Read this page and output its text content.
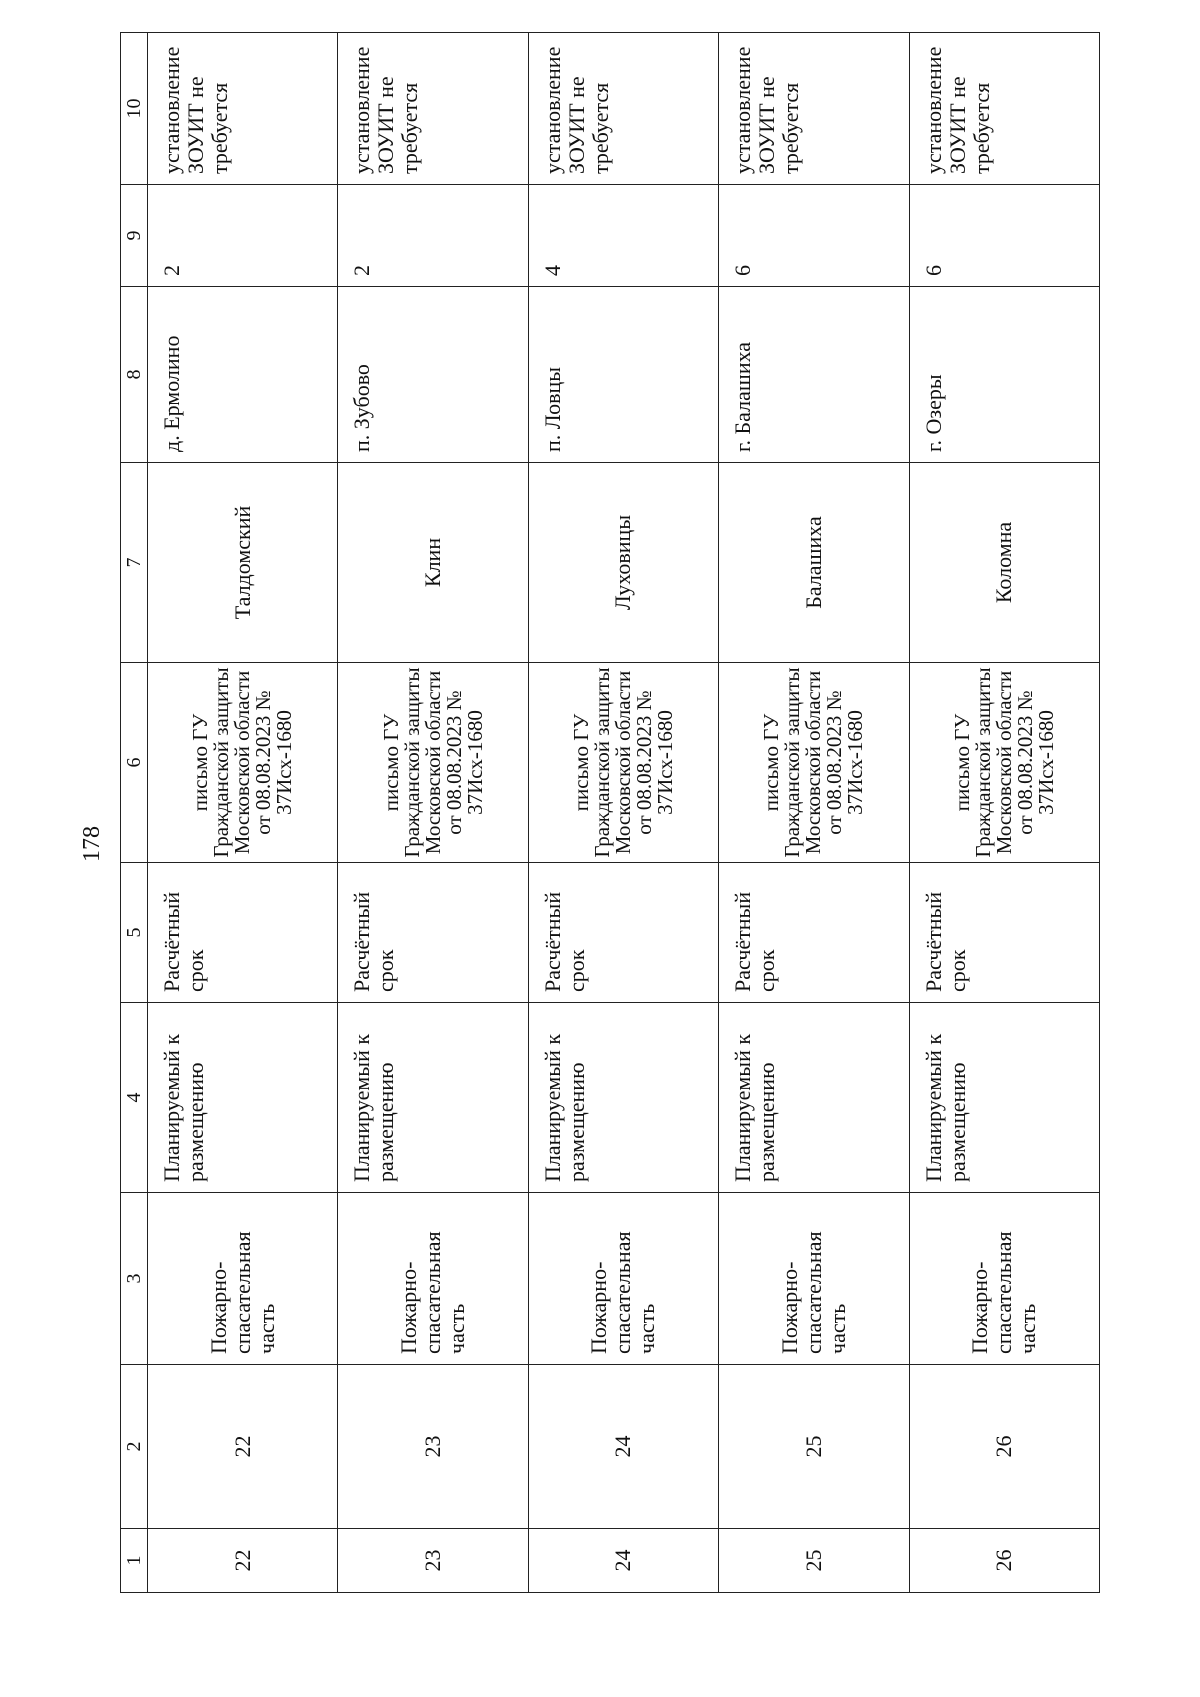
178
1	2	3	4	5	6	7	8	9	10
22	22	Пожарно-спасательная часть	Планируемый к размещению	Расчётный срок	письмо ГУ Гражданской защиты Московской области от 08.08.2023 № 37Исх-1680	Талдомский	д. Ермолино	2	установление ЗОУИТ не требуется
23	23	Пожарно-спасательная часть	Планируемый к размещению	Расчётный срок	письмо ГУ Гражданской защиты Московской области от 08.08.2023 № 37Исх-1680	Клин	п. Зубово	2	установление ЗОУИТ не требуется
24	24	Пожарно-спасательная часть	Планируемый к размещению	Расчётный срок	письмо ГУ Гражданской защиты Московской области от 08.08.2023 № 37Исх-1680	Луховицы	п. Ловцы	4	установление ЗОУИТ не требуется
25	25	Пожарно-спасательная часть	Планируемый к размещению	Расчётный срок	письмо ГУ Гражданской защиты Московской области от 08.08.2023 № 37Исх-1680	Балашиха	г. Балашиха	6	установление ЗОУИТ не требуется
26	26	Пожарно-спасательная часть	Планируемый к размещению	Расчётный срок	письмо ГУ Гражданской защиты Московской области от 08.08.2023 № 37Исх-1680	Коломна	г. Озеры	6	установление ЗОУИТ не требуется
